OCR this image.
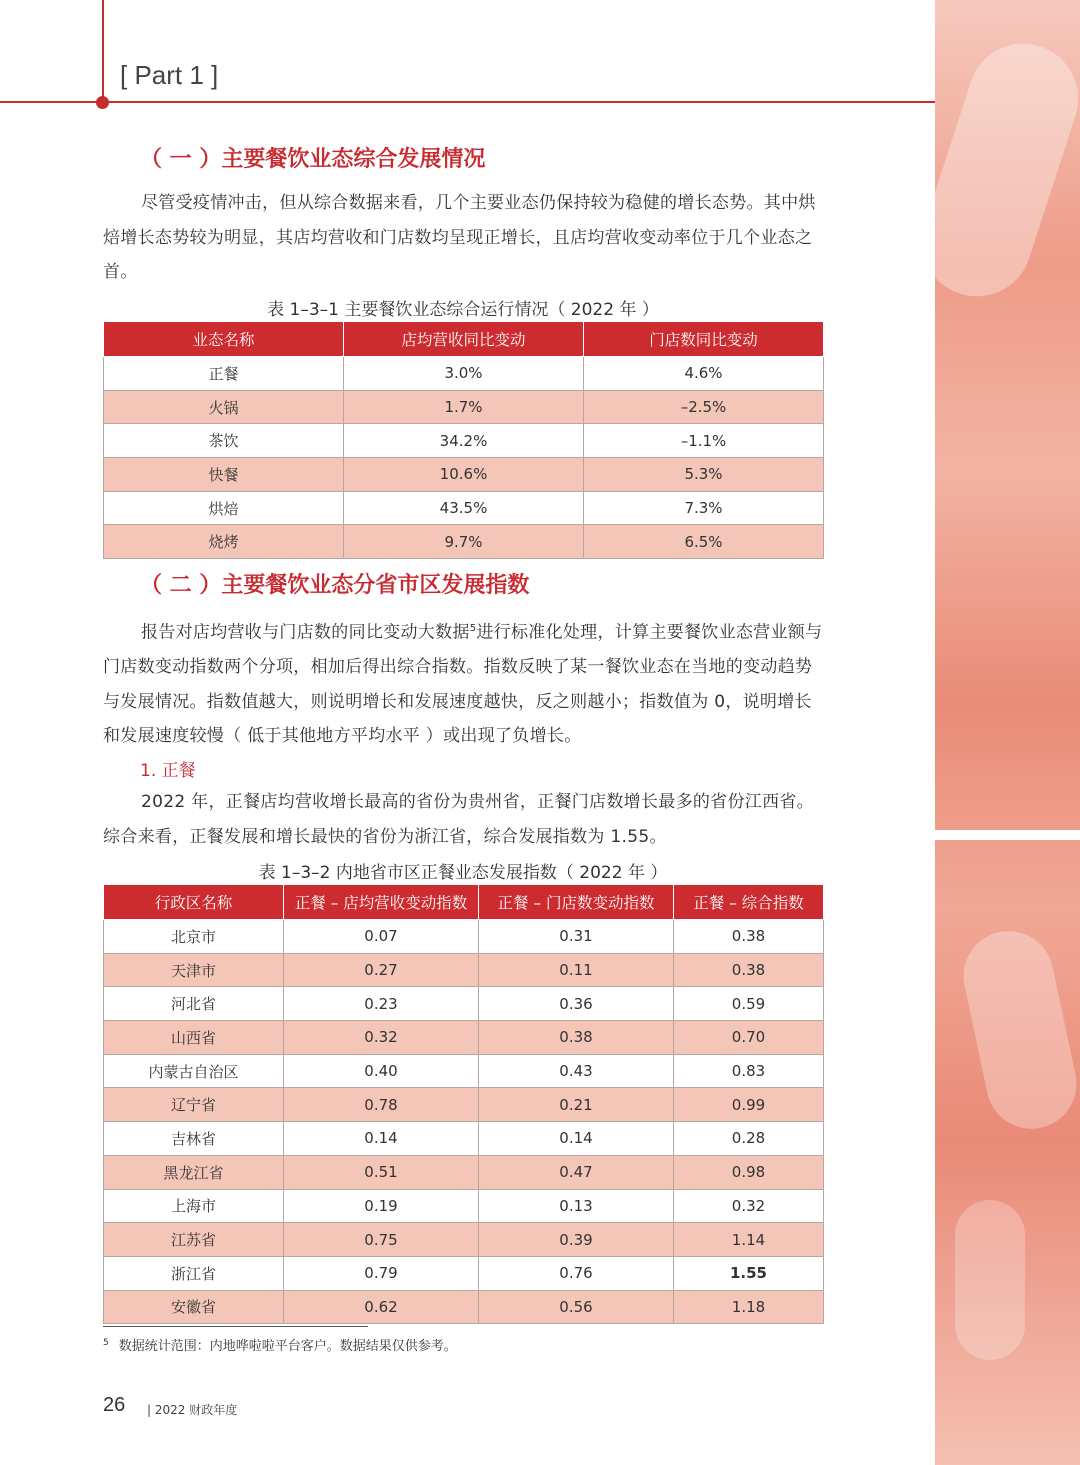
[ Part 1 ]
（ 一 ）主要餐饮业态综合发展情况
尽管受疫情冲击，但从综合数据来看，几个主要业态仍保持较为稳健的增长态势。其中烘焙增长态势较为明显，其店均营收和门店数均呈现正增长，且店均营收变动率位于几个业态之首。
表 1–3–1 主要餐饮业态综合运行情况（ 2022 年 ）
业态名称	店均营收同比变动	门店数同比变动
正餐	3.0%	4.6%
火锅	1.7%	–2.5%
茶饮	34.2%	–1.1%
快餐	10.6%	5.3%
烘焙	43.5%	7.3%
烧烤	9.7%	6.5%
（ 二 ）主要餐饮业态分省市区发展指数
报告对店均营收与门店数的同比变动大数据$^5$进行标准化处理，计算主要餐饮业态营业额与门店数变动指数两个分项，相加后得出综合指数。指数反映了某一餐饮业态在当地的变动趋势与发展情况。指数值越大，则说明增长和发展速度越快，反之则越小；指数值为 0，说明增长和发展速度较慢（ 低于其他地方平均水平 ）或出现了负增长。
1. 正餐
2022 年，正餐店均营收增长最高的省份为贵州省，正餐门店数增长最多的省份江西省。综合来看，正餐发展和增长最快的省份为浙江省，综合发展指数为 1.55。
表 1–3–2 内地省市区正餐业态发展指数（ 2022 年 ）
行政区名称	正餐 – 店均营收变动指数	正餐 – 门店数变动指数	正餐 – 综合指数
北京市	0.07	0.31	0.38
天津市	0.27	0.11	0.38
河北省	0.23	0.36	0.59
山西省	0.32	0.38	0.70
内蒙古自治区	0.40	0.43	0.83
辽宁省	0.78	0.21	0.99
吉林省	0.14	0.14	0.28
黑龙江省	0.51	0.47	0.98
上海市	0.19	0.13	0.32
江苏省	0.75	0.39	1.14
浙江省	0.79	0.76	1.55
安徽省	0.62	0.56	1.18
$^5$ 数据统计范围：内地哗啦啦平台客户。数据结果仅供参考。
26 | 2022 财政年度
